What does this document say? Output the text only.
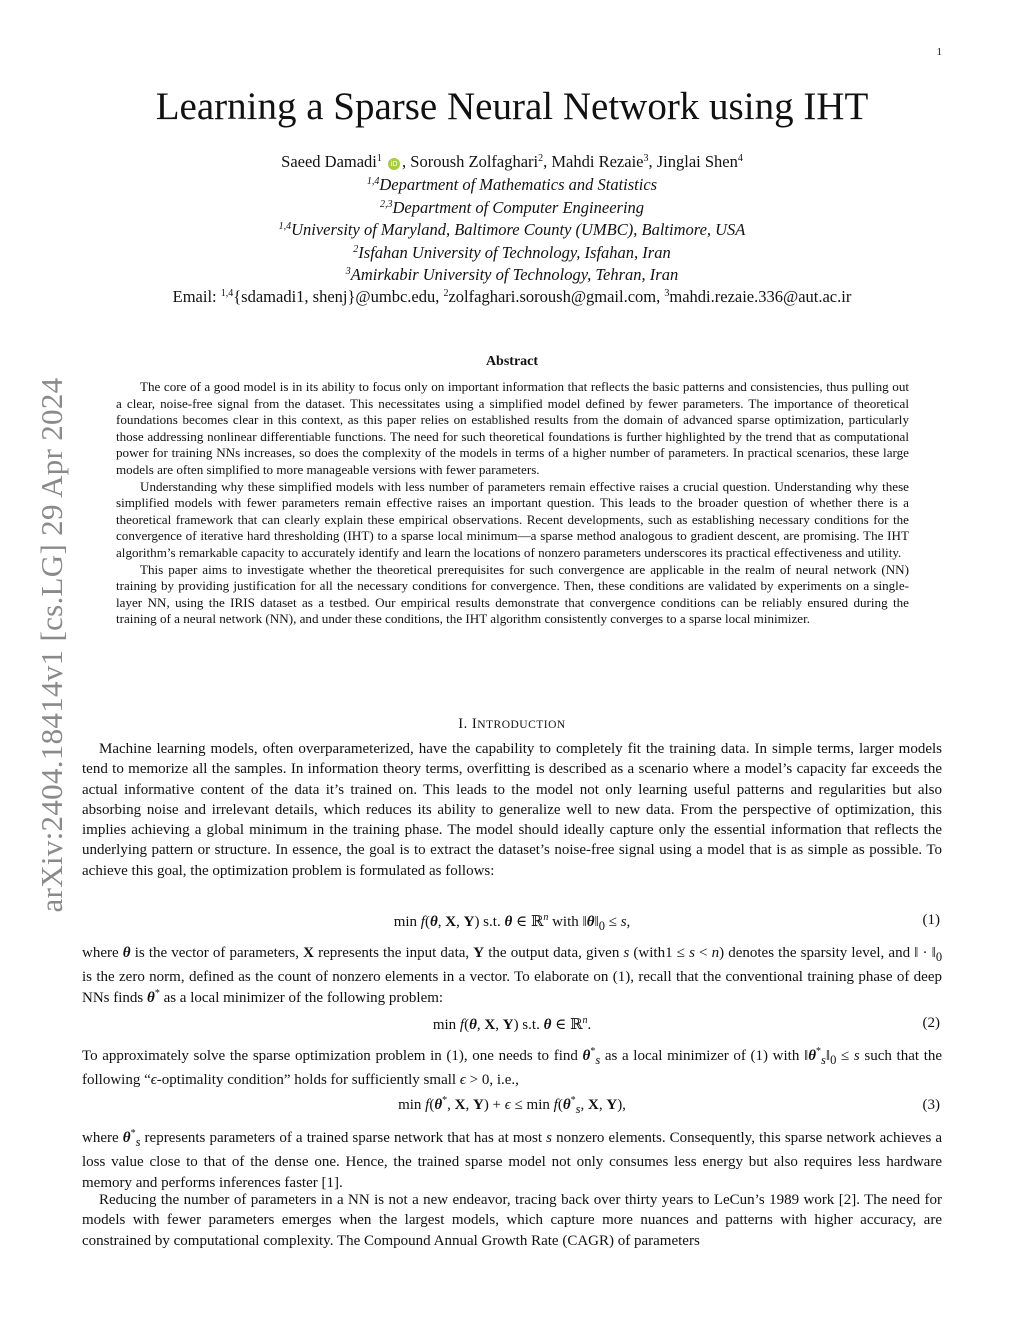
1
arXiv:2404.18414v1 [cs.LG] 29 Apr 2024
Learning a Sparse Neural Network using IHT
Saeed Damadi$^1$ iD , Soroush Zolfaghari$^2$, Mahdi Rezaie$^3$, Jinglai Shen$^4$
$^{1,4}$Department of Mathematics and Statistics
$^{2,3}$Department of Computer Engineering
$^{1,4}$University of Maryland, Baltimore County (UMBC), Baltimore, USA
$^2$Isfahan University of Technology, Isfahan, Iran
$^3$Amirkabir University of Technology, Tehran, Iran
Email: $^{1,4}${sdamadi1, shenj}@umbc.edu, $^2$zolfaghari.soroush@gmail.com, $^3$mahdi.rezaie.336@aut.ac.ir
Abstract

The core of a good model is in its ability to focus only on important information that reflects the basic patterns and consistencies, thus pulling out a clear, noise-free signal from the dataset. This necessitates using a simplified model defined by fewer parameters. The importance of theoretical foundations becomes clear in this context, as this paper relies on established results from the domain of advanced sparse optimization, particularly those addressing nonlinear differentiable functions. The need for such theoretical foundations is further highlighted by the trend that as computational power for training NNs increases, so does the complexity of the models in terms of a higher number of parameters. In practical scenarios, these large models are often simplified to more manageable versions with fewer parameters.

Understanding why these simplified models with less number of parameters remain effective raises a crucial question. Understanding why these simplified models with fewer parameters remain effective raises an important question. This leads to the broader question of whether there is a theoretical framework that can clearly explain these empirical observations. Recent developments, such as establishing necessary conditions for the convergence of iterative hard thresholding (IHT) to a sparse local minimum—a sparse method analogous to gradient descent, are promising. The IHT algorithm’s remarkable capacity to accurately identify and learn the locations of nonzero parameters underscores its practical effectiveness and utility.

This paper aims to investigate whether the theoretical prerequisites for such convergence are applicable in the realm of neural network (NN) training by providing justification for all the necessary conditions for convergence. Then, these conditions are validated by experiments on a single-layer NN, using the IRIS dataset as a testbed. Our empirical results demonstrate that convergence conditions can be reliably ensured during the training of a neural network (NN), and under these conditions, the IHT algorithm consistently converges to a sparse local minimizer.

I. INTRODUCTION

Machine learning models, often overparameterized, have the capability to completely fit the training data. In simple terms, larger models tend to memorize all the samples. In information theory terms, overfitting is described as a scenario where a model’s capacity far exceeds the actual informative content of the data it’s trained on. This leads to the model not only learning useful patterns and regularities but also absorbing noise and irrelevant details, which reduces its ability to generalize well to new data. From the perspective of optimization, this implies achieving a global minimum in the training phase. The model should ideally capture only the essential information that reflects the underlying pattern or structure. In essence, the goal is to extract the dataset’s noise-free signal using a model that is as simple as possible. To achieve this goal, the optimization problem is formulated as follows:

min f(θ, X, Y) s.t. θ ∈ ℝ$^n$ with $‖\theta‖_0 \le s$,	(1)

where θ is the vector of parameters, X represents the input data, Y the output data, given s (with1 ≤ s < n) denotes the sparsity level, and ‖ · $‖_0$ is the zero norm, defined as the count of nonzero elements in a vector. To elaborate on (1), recall that the conventional training phase of deep NNs finds θ* as a local minimizer of the following problem:

min f(θ, X, Y) s.t. θ ∈ ℝ$^n$.	(2)

To approximately solve the sparse optimization problem in (1), one needs to find $\theta^*_s$ as a local minimizer of (1) with $‖\theta^*_s‖_0 \le s$ such that the following “ϵ-optimality condition” holds for sufficiently small ϵ > 0, i.e.,

min f(θ*, X, $Y) + \epsilon \le \min f(\theta^*_s$, X, Y),	(3)

where $\theta^*_s$ represents parameters of a trained sparse network that has at most s nonzero elements. Consequently, this sparse network achieves a loss value close to that of the dense one. Hence, the trained sparse model not only consumes less energy but also requires less hardware memory and performs inferences faster [1].

Reducing the number of parameters in a NN is not a new endeavor, tracing back over thirty years to LeCun’s 1989 work [2]. The need for models with fewer parameters emerges when the largest models, which capture more nuances and patterns with higher accuracy, are constrained by computational complexity. The Compound Annual Growth Rate (CAGR) of parameters
